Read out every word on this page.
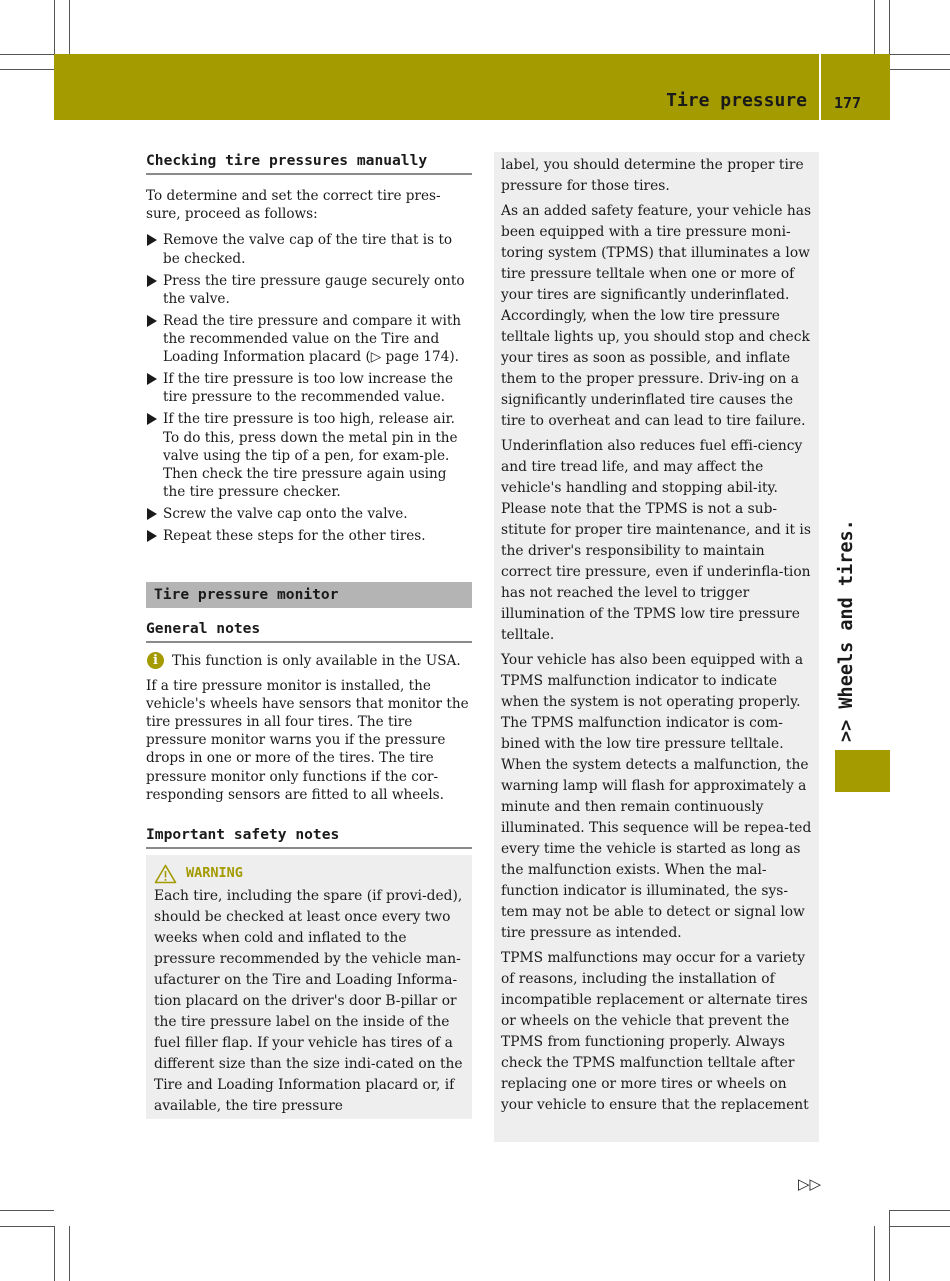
Tire pressure 177
>> Wheels and tires.
Checking tire pressures manually

To determine and set the correct tire pres-sure, proceed as follows:

Remove the valve cap of the tire that is to be checked.
Press the tire pressure gauge securely onto the valve.
Read the tire pressure and compare it with the recommended value on the Tire and Loading Information placard (▷ page 174).
If the tire pressure is too low increase the tire pressure to the recommended value.
If the tire pressure is too high, release air. To do this, press down the metal pin in the valve using the tip of a pen, for exam-ple. Then check the tire pressure again using the tire pressure checker.
Screw the valve cap onto the valve.
Repeat these steps for the other tires.
Tire pressure monitor
General notes
i	This function is only available in the USA.

If a tire pressure monitor is installed, the vehicle's wheels have sensors that monitor the tire pressures in all four tires. The tire pressure monitor warns you if the pressure drops in one or more of the tires. The tire pressure monitor only functions if the cor-responding sensors are fitted to all wheels.

Important safety notes
WARNING
Each tire, including the spare (if provi-ded), should be checked at least once every two weeks when cold and inflated to the pressure recommended by the vehicle man-ufacturer on the Tire and Loading Informa-tion placard on the driver's door B-pillar or the tire pressure label on the inside of the fuel filler flap. If your vehicle has tires of a different size than the size indi-cated on the Tire and Loading Information placard or, if available, the tire pressure

label, you should determine the proper tire pressure for those tires.

As an added safety feature, your vehicle has been equipped with a tire pressure moni-toring system (TPMS) that illuminates a low tire pressure telltale when one or more of your tires are significantly underinflated. Accordingly, when the low tire pressure telltale lights up, you should stop and check your tires as soon as possible, and inflate them to the proper pressure. Driv-ing on a significantly underinflated tire causes the tire to overheat and can lead to tire failure.

Underinflation also reduces fuel effi-ciency and tire tread life, and may affect the vehicle's handling and stopping abil-ity. Please note that the TPMS is not a sub-stitute for proper tire maintenance, and it is the driver's responsibility to maintain correct tire pressure, even if underinfla-tion has not reached the level to trigger illumination of the TPMS low tire pressure telltale.

Your vehicle has also been equipped with a TPMS malfunction indicator to indicate when the system is not operating properly. The TPMS malfunction indicator is com-bined with the low tire pressure telltale. When the system detects a malfunction, the warning lamp will flash for approximately a minute and then remain continuously illuminated. This sequence will be repea-ted every time the vehicle is started as long as the malfunction exists. When the mal-function indicator is illuminated, the sys-tem may not be able to detect or signal low tire pressure as intended.

TPMS malfunctions may occur for a variety of reasons, including the installation of incompatible replacement or alternate tires or wheels on the vehicle that prevent the TPMS from functioning properly. Always check the TPMS malfunction telltale after replacing one or more tires or wheels on your vehicle to ensure that the replacement

▷▷
